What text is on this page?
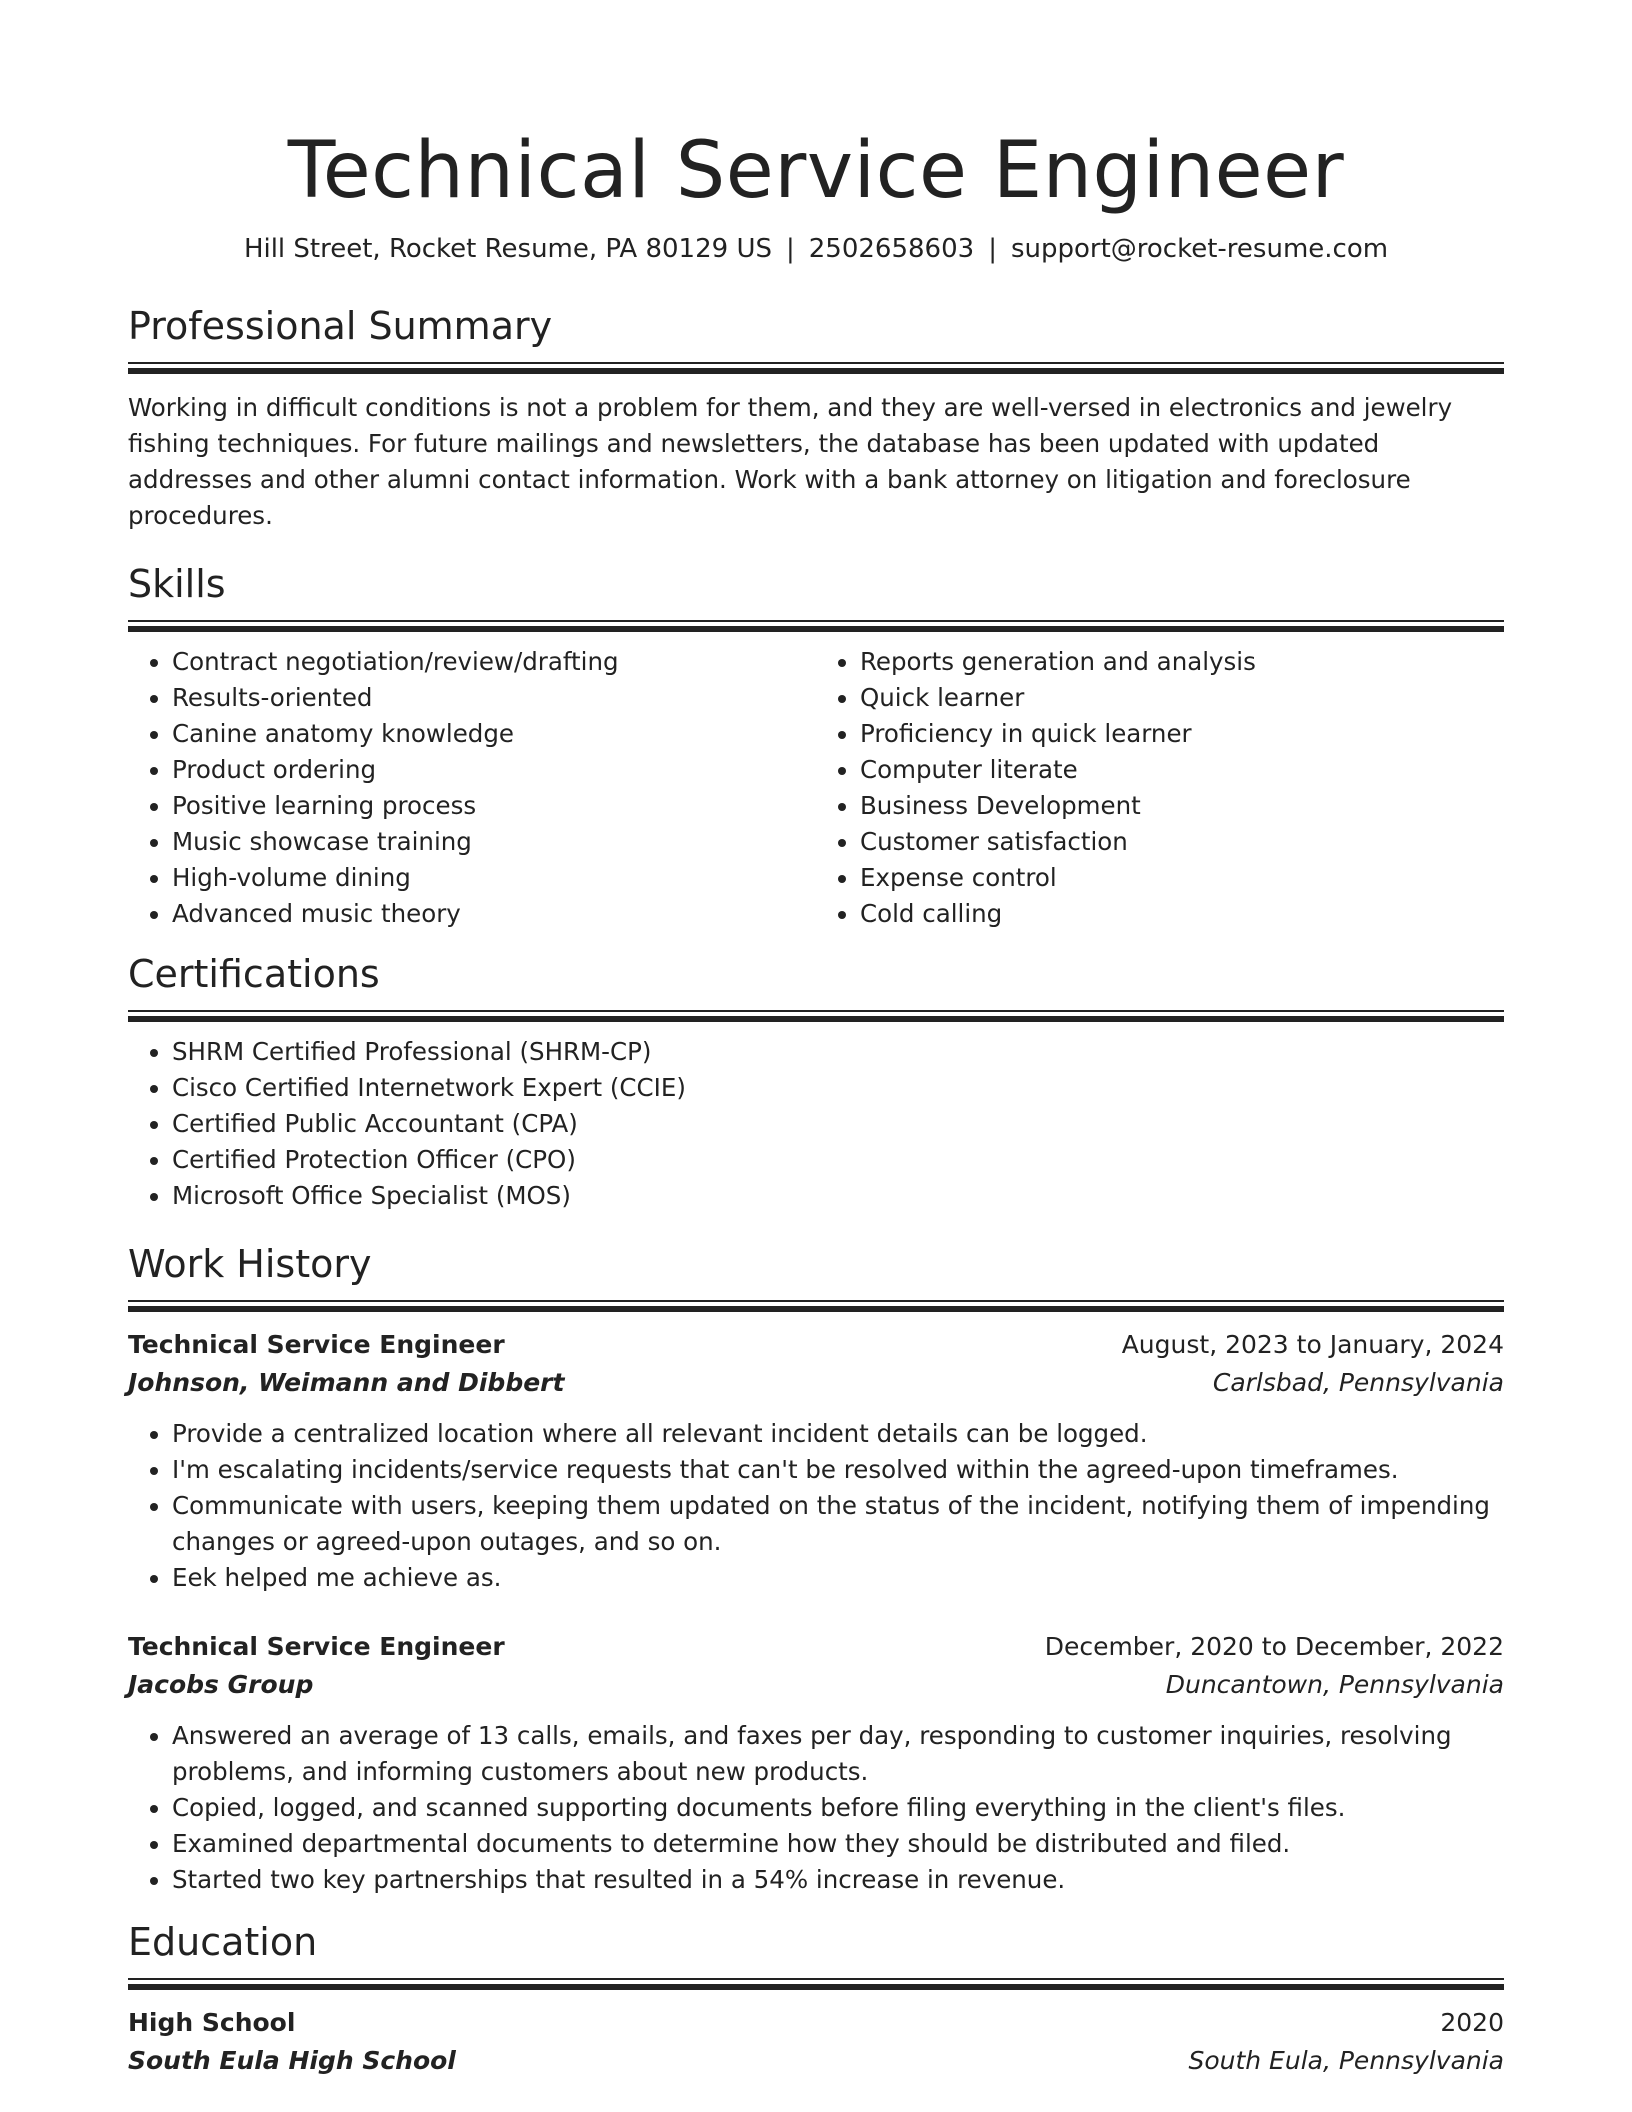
Technical Service Engineer
Hill Street, Rocket Resume, PA 80129 US | 2502658603 | support@rocket-resume.com
Professional Summary
Working in difficult conditions is not a problem for them, and they are well-versed in electronics and jewelry fishing techniques. For future mailings and newsletters, the database has been updated with updated addresses and other alumni contact information. Work with a bank attorney on litigation and foreclosure procedures.
Skills
• Contract negotiation/review/drafting
• Results-oriented
• Canine anatomy knowledge
• Product ordering
• Positive learning process
• Music showcase training
• High-volume dining
• Advanced music theory
• Reports generation and analysis
• Quick learner
• Proficiency in quick learner
• Computer literate
• Business Development
• Customer satisfaction
• Expense control
• Cold calling
Certifications
• SHRM Certified Professional (SHRM-CP)
• Cisco Certified Internetwork Expert (CCIE)
• Certified Public Accountant (CPA)
• Certified Protection Officer (CPO)
• Microsoft Office Specialist (MOS)
Work History
Technical Service Engineer	August, 2023 to January, 2024
Johnson, Weimann and Dibbert	Carlsbad, Pennsylvania
• Provide a centralized location where all relevant incident details can be logged.
• I'm escalating incidents/service requests that can't be resolved within the agreed-upon timeframes.
• Communicate with users, keeping them updated on the status of the incident, notifying them of impending changes or agreed-upon outages, and so on.
• Eek helped me achieve as.
Technical Service Engineer	December, 2020 to December, 2022
Jacobs Group	Duncantown, Pennsylvania
• Answered an average of 13 calls, emails, and faxes per day, responding to customer inquiries, resolving problems, and informing customers about new products.
• Copied, logged, and scanned supporting documents before filing everything in the client's files.
• Examined departmental documents to determine how they should be distributed and filed.
• Started two key partnerships that resulted in a 54% increase in revenue.
Education
High School	2020
South Eula High School	South Eula, Pennsylvania
